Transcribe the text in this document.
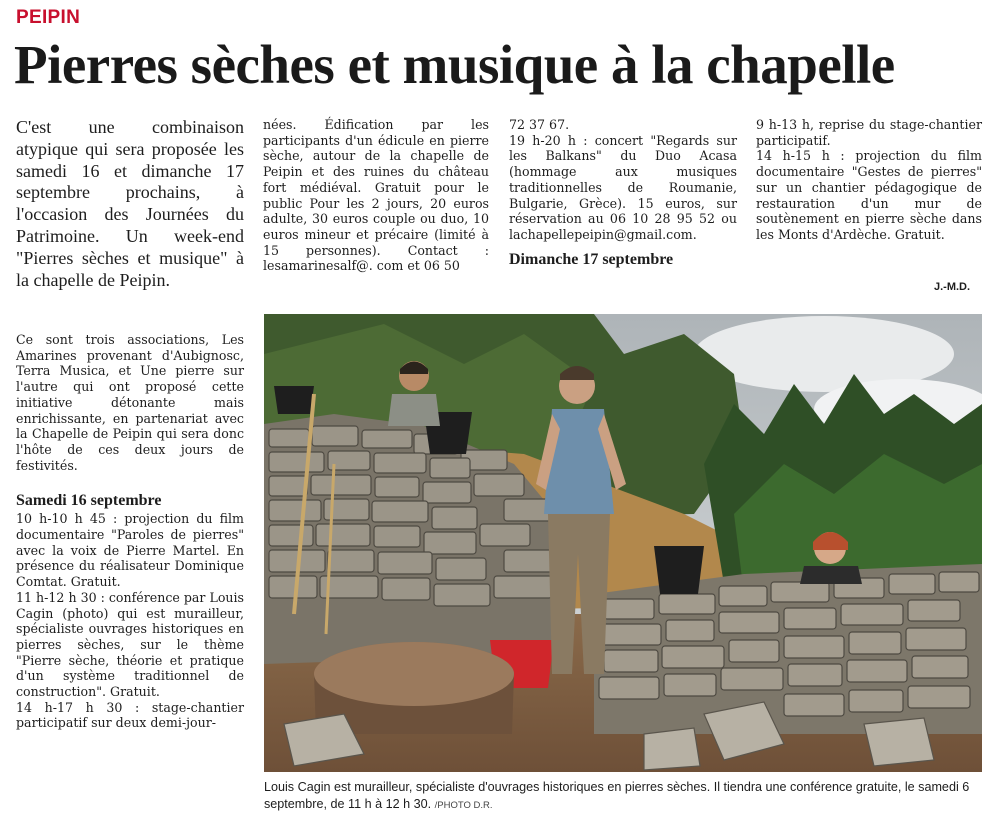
PEIPIN
Pierres sèches et musique à la chapelle

C'est une combinaison atypique qui sera proposée les samedi 16 et dimanche 17 septembre prochains, à l'occasion des Journées du Patrimoine. Un week-end "Pierres sèches et musique" à la chapelle de Peipin.

Ce sont trois associations, Les Amarines provenant d'Aubignosc, Terra Musica, et Une pierre sur l'autre qui ont proposé cette initiative détonante mais enrichissante, en partenariat avec la Chapelle de Peipin qui sera donc l'hôte de ces deux jours de festivités.

Samedi 16 septembre

10 h-10 h 45 : projection du film documentaire "Paroles de pierres" avec la voix de Pierre Martel. En présence du réalisateur Dominique Comtat. Gratuit.

11 h-12 h 30 : conférence par Louis Cagin (photo) qui est murailleur, spécialiste ouvrages historiques en pierres sèches, sur le thème "Pierre sèche, théorie et pratique d'un système traditionnel de construction". Gratuit.

14 h-17 h 30 : stage-chantier participatif sur deux demi-jour-

nées. Édification par les participants d'un édicule en pierre sèche, autour de la chapelle de Peipin et des ruines du château fort médiéval. Gratuit pour le public Pour les 2 jours, 20 euros adulte, 30 euros couple ou duo, 10 euros mineur et précaire (limité à 15 personnes). Contact : lesamarinesalf@. com et 06 50

72 37 67.

19 h-20 h : concert "Regards sur les Balkans" du Duo Acasa (hommage aux musiques traditionnelles de Roumanie, Bulgarie, Grèce). 15 euros, sur réservation au 06 10 28 95 52 ou lachapellepeipin@gmail.com.

Dimanche 17 septembre

9 h-13 h, reprise du stage-chantier participatif.

14 h-15 h : projection du film documentaire "Gestes de pierres" sur un chantier pédagogique de restauration d'un mur de soutènement en pierre sèche dans les Monts d'Ardèche. Gratuit.

J.-M.D.
Louis Cagin est murailleur, spécialiste d'ouvrages historiques en pierres sèches. Il tiendra une conférence gratuite, le samedi 6 septembre, de 11 h à 12 h 30. /PHOTO D.R.
